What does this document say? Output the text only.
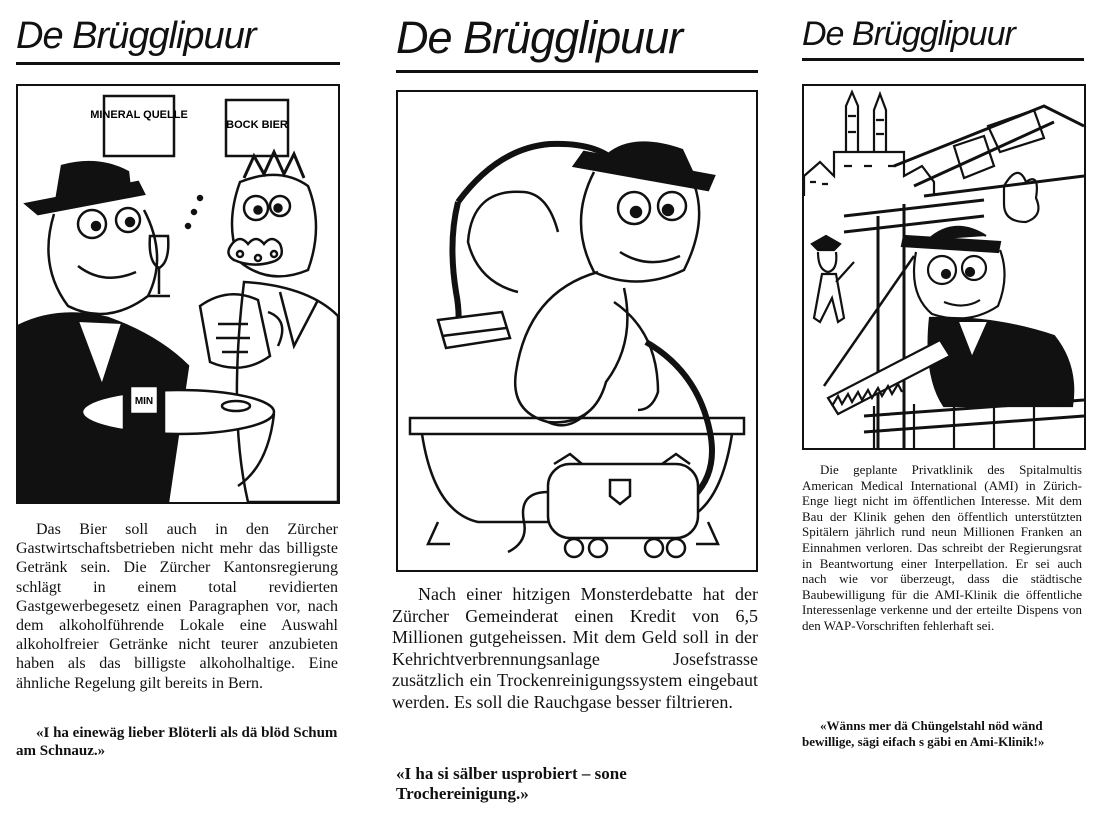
De Brügglipuur
MINERAL QUELLE
BOCK BIER
MIN

Das Bier soll auch in den Zürcher Gastwirtschaftsbetrieben nicht mehr das billigste Getränk sein. Die Zürcher Kantonsregierung schlägt in einem total revidierten Gastgewerbegesetz einen Paragraphen vor, nach dem alkoholführende Lokale eine Auswahl alkoholfreier Getränke nicht teurer anzubieten haben als das billigste alkoholhaltige. Eine ähnliche Regelung gilt bereits in Bern.

«I ha einewäg lieber Blöterli als dä blöd Schum am Schnauz.»

De Brügglipuur

Nach einer hitzigen Monsterdebatte hat der Zürcher Gemeinderat einen Kredit von 6,5 Millionen gutgeheissen. Mit dem Geld soll in der Kehrichtverbrennungsanlage Josefstrasse zusätzlich ein Trockenreinigungssystem eingebaut werden. Es soll die Rauchgase besser filtrieren.

«I ha si sälber usprobiert – sone Trochereinigung.»

De Brügglipuur

Die geplante Privatklinik des Spitalmultis American Medical International (AMI) in Zürich-Enge liegt nicht im öffentlichen Interesse. Mit dem Bau der Klinik gehen den öffentlich unterstützten Spitälern jährlich rund neun Millionen Franken an Einnahmen verloren. Das schreibt der Regierungsrat in Beantwortung einer Interpellation. Er sei auch nach wie vor überzeugt, dass die städtische Baubewilligung für die AMI-Klinik die öffentliche Interessenlage verkenne und der erteilte Dispens von den WAP-Vorschriften fehlerhaft sei.

«Wänns mer dä Chüngelstahl nöd wänd bewillige, sägi eifach s gäbi en Ami-Klinik!»
